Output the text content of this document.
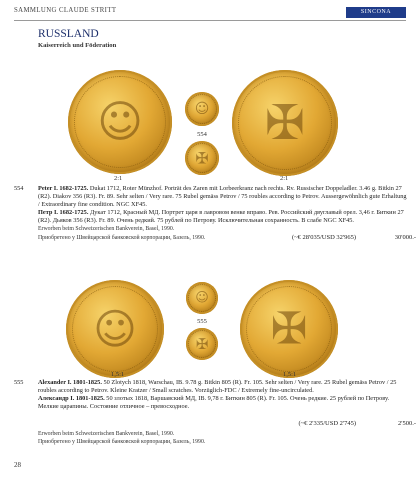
SAMMLUNG CLAUDE STRITT	SINCONA
RUSSLAND
Kaiserreich und Föderation
☺	☺
554
✠
✠
2:1	2:1
554 Peter I. 1682-1725. Dukat 1712, Roter Münzhof. Porträt des Zaren mit Lorbeerkranz nach rechts. Rv. Russischer Doppeladler. 3.46 g. Bitkin 27 (R2). Diakov 356 (R3). Fr. 89. Sehr selten / Very rare. 75 Rubel gemäss Petrov / 75 roubles according to Petrov. Aussergewöhnlich gute Erhaltung / Extraordinary fine condition. NGC XF45.

Петр I. 1682-1725. Дукат 1712, Красный МД. Портрет царя в лавровом венке вправо. Рев. Российский двуглавый орел. 3,46 г. Биткин 27 (R2). Дьяков 356 (R3). Fr. 89. Очень редкий. 75 рублей по Петрову. Исключительная сохранность. В слабе NGC XF45.

Erworben beim Schweizerischen Bankverein, Basel, 1990.

Приобретено у Швейцарской банковской корпорации, Базель, 1990.	(~€ 28'035/USD 32'965)	30'000.-
☺
☺
555
✠ ✠
1,5:1	1,5:1
555 Alexander I. 1801-1825. 50 Zlotych 1818, Warschau, IB. 9.78 g. Bitkin 805 (R). Fr. 105. Sehr selten / Very rare. 25 Rubel gemäss Petrov / 25 roubles according to Petrov. Kleine Kratzer / Small scratches. Vorzüglich-FDC / Extremely fine-uncirculated.

Александр I. 1801-1825. 50 злотых 1818, Варшавский МД, IB. 9,78 г. Биткин 805 (R). Fr. 105. Очень редкие. 25 рублей по Петрову. Мелкие царапины. Состояние отличное – превосходное.

(~€ 2'335/USD 2'745)	2'500.-

Erworben beim Schweizerischen Bankverein, Basel, 1990.

Приобретено у Швейцарской банковской корпорации, Базель, 1990.

28
